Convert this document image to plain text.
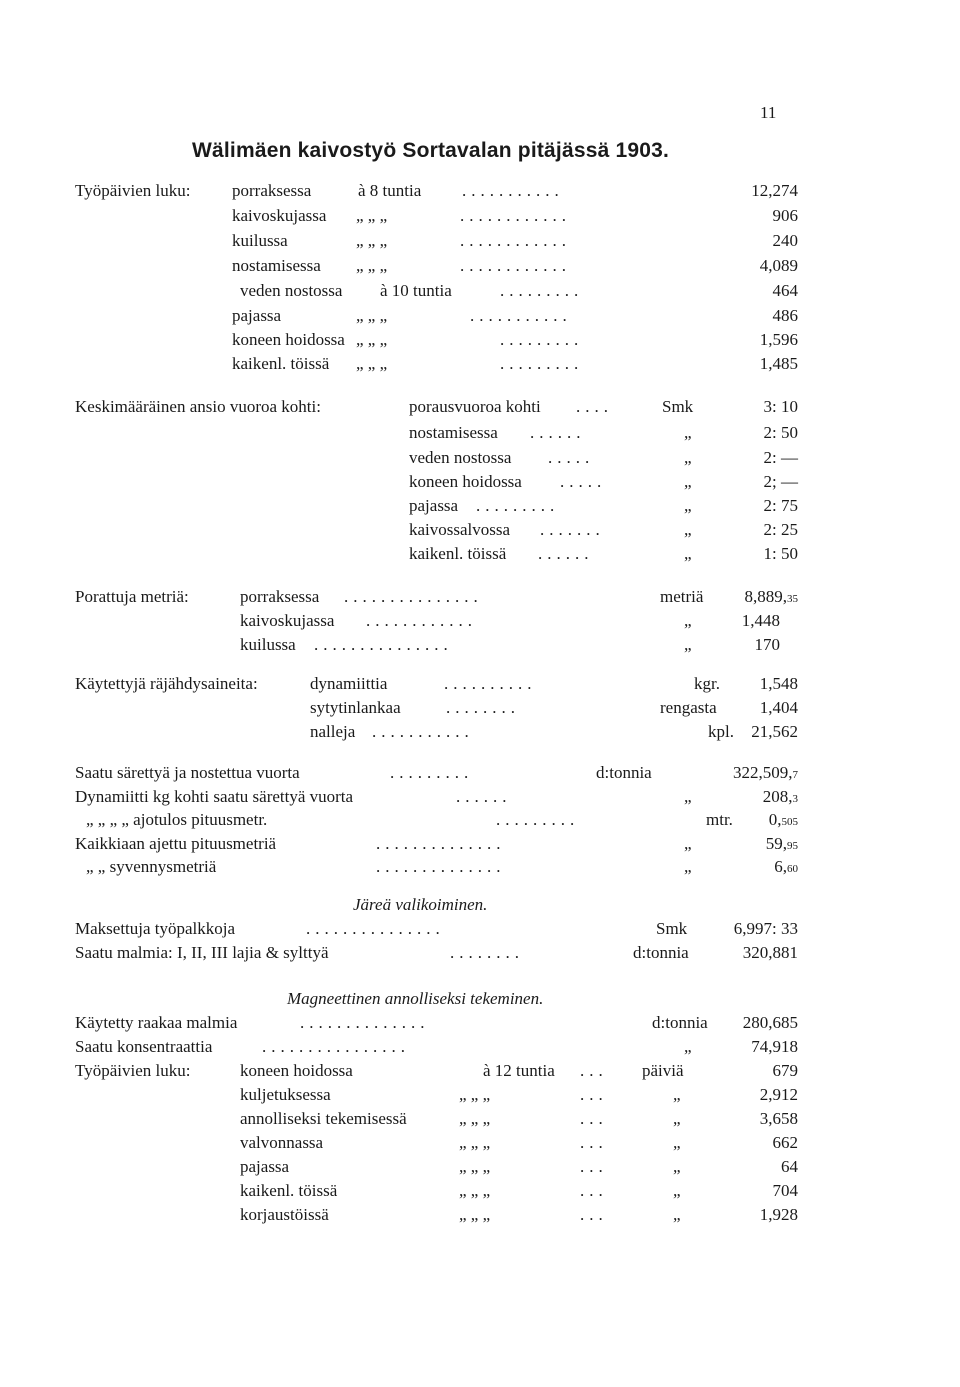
11
Wälimäen kaivostyö Sortavalan pitäjässä 1903.
Työpäivien luku: porraksessa	à 8 tuntia ...........	12,274
kaivoskujassa „ „ „	............	906
kuilussa	„ „ „	............	240
nostamisessa „ „ „	............	4,089
veden nostossa à 10 tuntia	.........	464
pajassa	„ „ „	...........	486
koneen hoidossa „ „ „	.........	1,596
kaikenl. töissä „ „ „	.........	1,485
Keskimääräinen ansio vuoroa kohti:	porausvuoroa kohti ....	Smk	3: 10
nostamisessa ......	„	2: 50
veden nostossa .....	„	2: —
koneen hoidossa .....	„	2; —
pajassa .........	„	2: 75
kaivossalvossa .......	„	2: 25
kaikenl. töissä ......	„	1: 50
Porattuja metriä:	porraksessa ...............	metriä 8,889,35
kaivoskujassa ............	„	1,448
kuilussa ...............	„	170
Käytettyjä räjähdysaineita:	dynamiittia	..........	kgr. 1,548
sytytinlankaa	........	rengasta	1,404
nalleja ...........	kpl. 21,562
Saatu särettyä ja nostettua vuorta	.........	d:tonnia	322,509,7
Dynamiitti kg kohti saatu särettyä vuorta	......	„	208,3
„ „ „ „ ajotulos pituusmetr.	.........	mtr. 0,505
Kaikkiaan ajettu pituusmetriä	..............	„	59,95
„ „ syvennysmetriä	..............	„	6,60
Järeä valikoiminen.
Maksettuja työpalkkoja	...............	Smk	6,997: 33
Saatu malmia: I, II, III lajia & sylttyä	........	d:tonnia	320,881
Magneettinen annolliseksi tekeminen.
Käytetty raakaa malmia	..............	d:tonnia 280,685
Saatu konsentraattia	................	„	74,918
Työpäivien luku:	koneen hoidossa	à 12 tuntia ... päiviä	679
kuljetuksessa	„ „ „	...	„	2,912
annolliseksi tekemisessä	„ „ „	...	„	3,658
valvonnassa	„ „ „	...	„	662
pajassa	„ „ „	...	„	64
kaikenl. töissä	„ „ „	...	„	704
korjaustöissä	„ „ „	...	„	1,928
